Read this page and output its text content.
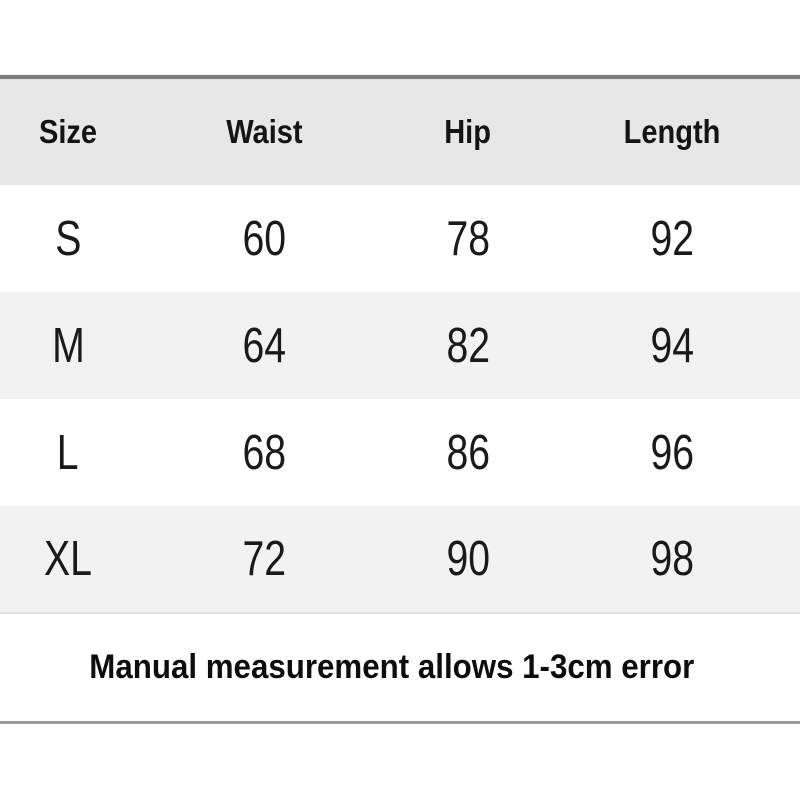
Size	Waist	Hip	Length
S	60	78	92
M	64	82	94
L	68	86	96
XL	72	90	98
Manual measurement allows 1-3cm error
